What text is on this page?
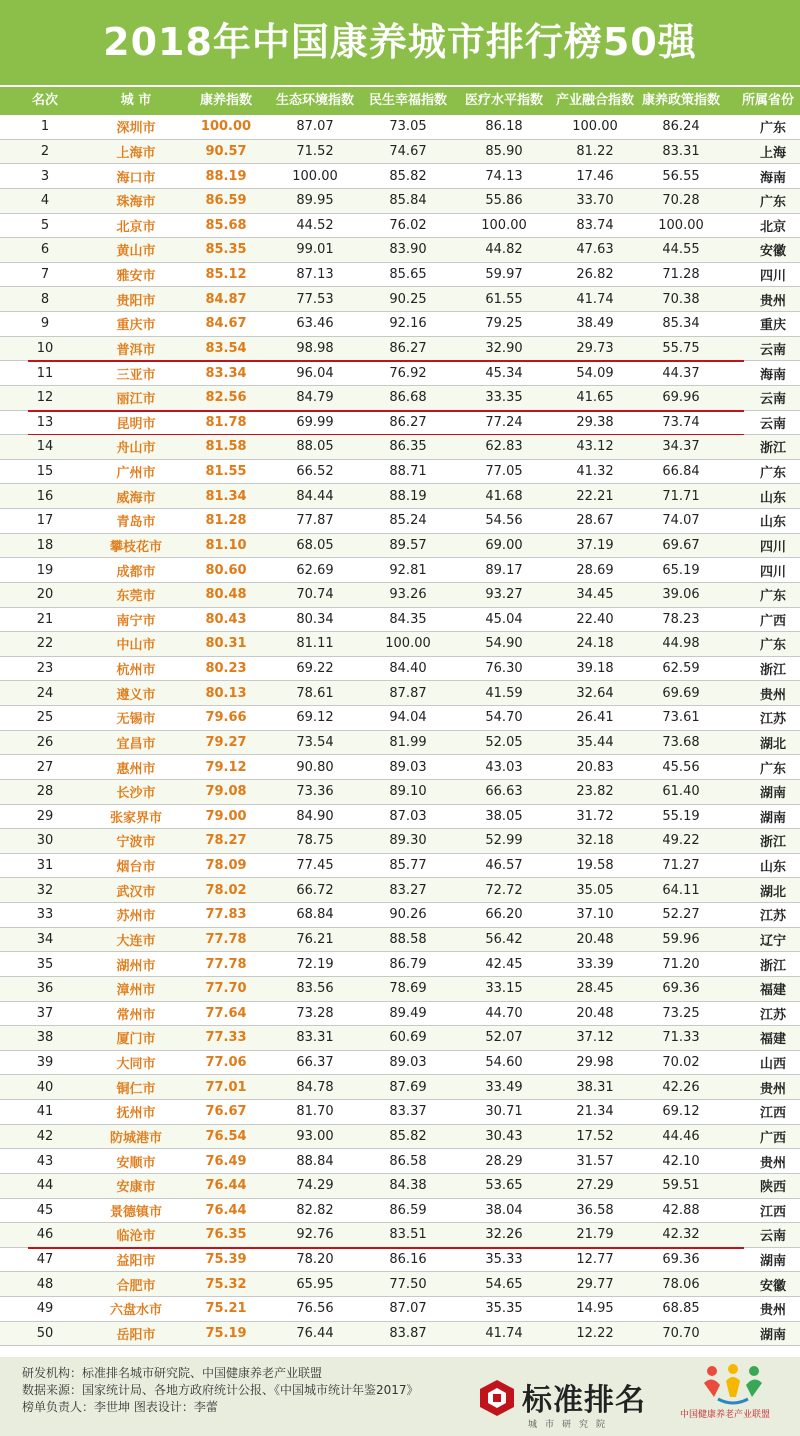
2018年中国康养城市排行榜50强
名次	城 市	康养指数	生态环境指数	民生幸福指数	医疗水平指数 产业融合指数 康养政策指数	所属省份
1	深圳市	100.00	87.07	73.05	86.18	100.00	86.24	广东
2	上海市	90.57	71.52	74.67	85.90	81.22	83.31	上海
3	海口市	88.19	100.00	85.82	74.13	17.46	56.55	海南
4	珠海市	86.59	89.95	85.84	55.86	33.70	70.28	广东
5	北京市	85.68	44.52	76.02	100.00	83.74	100.00	北京
6	黄山市	85.35	99.01	83.90	44.82	47.63	44.55	安徽
7	雅安市	85.12	87.13	85.65	59.97	26.82	71.28	四川
8	贵阳市	84.87	77.53	90.25	61.55	41.74	70.38	贵州
9	重庆市	84.67	63.46	92.16	79.25	38.49	85.34	重庆
10	普洱市	83.54	98.98	86.27	32.90	29.73	55.75	云南
11	三亚市	83.34	96.04	76.92	45.34	54.09	44.37	海南
12	丽江市	82.56	84.79	86.68	33.35	41.65	69.96	云南
13	昆明市	81.78	69.99	86.27	77.24	29.38	73.74	云南
14	舟山市	81.58	88.05	86.35	62.83	43.12	34.37	浙江
15	广州市	81.55	66.52	88.71	77.05	41.32	66.84	广东
16	威海市	81.34	84.44	88.19	41.68	22.21	71.71	山东
17	青岛市	81.28	77.87	85.24	54.56	28.67	74.07	山东
18	攀枝花市	81.10	68.05	89.57	69.00	37.19	69.67	四川
19	成都市	80.60	62.69	92.81	89.17	28.69	65.19	四川
20	东莞市	80.48	70.74	93.26	93.27	34.45	39.06	广东
21	南宁市	80.43	80.34	84.35	45.04	22.40	78.23	广西
22	中山市	80.31	81.11	100.00	54.90	24.18	44.98	广东
23	杭州市	80.23	69.22	84.40	76.30	39.18	62.59	浙江
24	遵义市	80.13	78.61	87.87	41.59	32.64	69.69	贵州
25	无锡市	79.66	69.12	94.04	54.70	26.41	73.61	江苏
26	宜昌市	79.27	73.54	81.99	52.05	35.44	73.68	湖北
27	惠州市	79.12	90.80	89.03	43.03	20.83	45.56	广东
28	长沙市	79.08	73.36	89.10	66.63	23.82	61.40	湖南
29	张家界市	79.00	84.90	87.03	38.05	31.72	55.19	湖南
30	宁波市	78.27	78.75	89.30	52.99	32.18	49.22	浙江
31	烟台市	78.09	77.45	85.77	46.57	19.58	71.27	山东
32	武汉市	78.02	66.72	83.27	72.72	35.05	64.11	湖北
33	苏州市	77.83	68.84	90.26	66.20	37.10	52.27	江苏
34	大连市	77.78	76.21	88.58	56.42	20.48	59.96	辽宁
35	湖州市	77.78	72.19	86.79	42.45	33.39	71.20	浙江
36	漳州市	77.70	83.56	78.69	33.15	28.45	69.36	福建
37	常州市	77.64	73.28	89.49	44.70	20.48	73.25	江苏
38	厦门市	77.33	83.31	60.69	52.07	37.12	71.33	福建
39	大同市	77.06	66.37	89.03	54.60	29.98	70.02	山西
40	铜仁市	77.01	84.78	87.69	33.49	38.31	42.26	贵州
41	抚州市	76.67	81.70	83.37	30.71	21.34	69.12	江西
42	防城港市	76.54	93.00	85.82	30.43	17.52	44.46	广西
43	安顺市	76.49	88.84	86.58	28.29	31.57	42.10	贵州
44	安康市	76.44	74.29	84.38	53.65	27.29	59.51	陕西
45	景德镇市	76.44	82.82	86.59	38.04	36.58	42.88	江西
46	临沧市	76.35	92.76	83.51	32.26	21.79	42.32	云南
47	益阳市	75.39	78.20	86.16	35.33	12.77	69.36	湖南
48	合肥市	75.32	65.95	77.50	54.65	29.77	78.06	安徽
49	六盘水市	75.21	76.56	87.07	35.35	14.95	68.85	贵州
50	岳阳市	75.19	76.44	83.87	41.74	12.22	70.70	湖南
研发机构：标准排名城市研究院、中国健康养老产业联盟
数据来源：国家统计局、各地方政府统计公报、《中国城市统计年鉴2017》
榜单负责人：李世坤 图表设计：李蕾	标准排名
城市研究院
中国健康养老产业联盟
